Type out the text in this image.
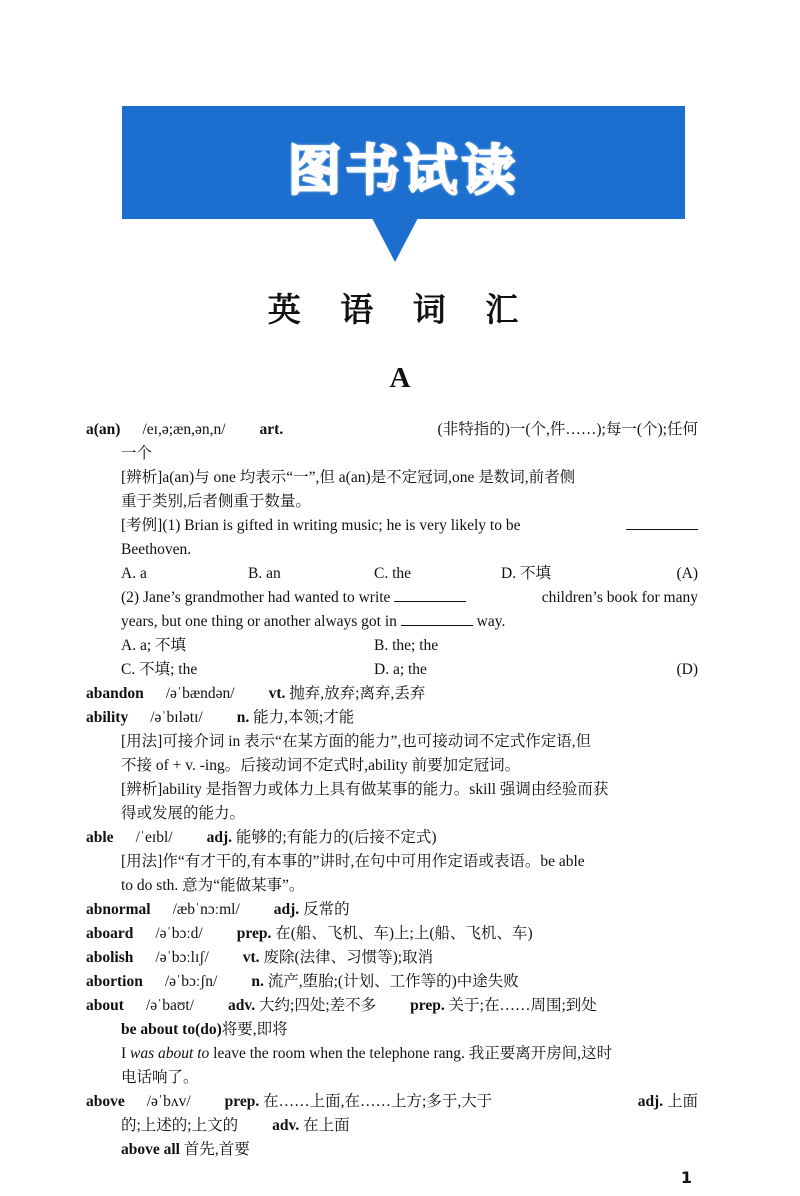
图书试读
英 语 词 汇
A
a(an) /eɪ,ə;æn,ən,n/ art.	(非特指的)一(个,件……);每一(个);任何
一个
[辨析]a(an)与 one 均表示“一”,但 a(an)是不定冠词,one 是数词,前者侧
重于类别,后者侧重于数量。
[考例](1) Brian is gifted in writing music; he is very likely to be
Beethoven.
A. a	B. an	C. the	D. 不填	(A)
(2) Jane’s grandmother had wanted to write	children’s book for many
years, but one thing or another always got in	way.
A. a; 不填	B. the; the
C. 不填; the	D. a; the	(D)
abandon /əˈbændən/ vt. 抛弃,放弃;离弃,丢弃
ability /əˈbɪlətɪ/ n. 能力,本领;才能
[用法]可接介词 in 表示“在某方面的能力”,也可接动词不定式作定语,但
不接 of + v. -ing。后接动词不定式时,ability 前要加定冠词。
[辨析]ability 是指智力或体力上具有做某事的能力。skill 强调由经验而获
得或发展的能力。
able /ˈeɪbl/ adj. 能够的;有能力的(后接不定式)
[用法]作“有才干的,有本事的”讲时,在句中可用作定语或表语。be able
to do sth. 意为“能做某事”。
abnormal /æbˈnɔːml/ adj. 反常的
aboard /əˈbɔːd/ prep. 在(船、飞机、车)上;上(船、飞机、车)
abolish /əˈbɔːlɪʃ/ vt. 废除(法律、习惯等);取消
abortion /əˈbɔːʃn/ n. 流产,堕胎;(计划、工作等的)中途失败
about /əˈbaʊt/ adv. 大约;四处;差不多 prep. 关于;在……周围;到处
be about to(do)将要,即将
I was about to leave the room when the telephone rang. 我正要离开房间,这时
电话响了。
above /əˈbʌv/ prep. 在……上面,在……上方;多于,大于	adj. 上面
的;上述的;上文的 adv. 在上面
above all 首先,首要
1
